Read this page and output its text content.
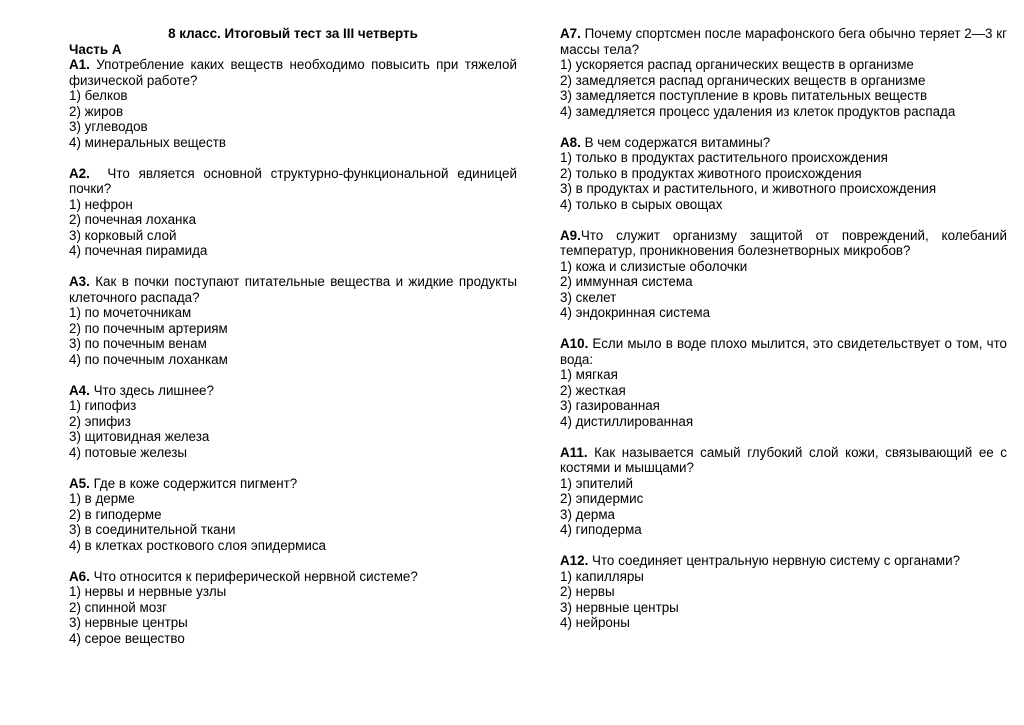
8 класс. Итоговый тест за III четверть
Часть А
А1. Употребление каких веществ необходимо повысить при тяжелой физической работе?
1) белков
2) жиров
3) углеводов
4) минеральных веществ
А2.  Что является основной структурно-функциональной единицей почки?
1) нефрон
2) почечная лоханка
3) корковый слой
4) почечная пирамида
А3. Как в почки поступают питательные вещества и жидкие продукты клеточного распада?
1) по мочеточникам
2) по почечным артериям
3) по почечным венам
4) по почечным лоханкам
А4. Что здесь лишнее?
1) гипофиз
2) эпифиз
3) щитовидная железа
4) потовые железы
А5. Где в коже содержится пигмент?
1) в дерме
2) в гиподерме
3) в соединительной ткани
4) в клетках росткового слоя эпидермиса
А6. Что относится к периферической нервной системе?
1) нервы и нервные узлы
2) спинной мозг
3) нервные центры
4) серое вещество
А7. Почему спортсмен после марафонского бега обычно теряет 2—3 кг массы тела?
1) ускоряется распад органических веществ в организме
2) замедляется распад органических веществ в организме
3) замедляется поступление в кровь питательных веществ
4) замедляется процесс удаления из клеток продуктов распада
А8. В чем содержатся витамины?
1) только в продуктах растительного происхождения
2) только в продуктах животного происхождения
3) в продуктах и растительного, и животного происхождения
4) только в сырых овощах
А9.Что служит организму защитой от повреждений, колебаний температур, проникновения болезнетворных микробов?
1) кожа и слизистые оболочки
2) иммунная система
3) скелет
4) эндокринная система
А10. Если мыло в воде плохо мылится, это свидетельствует о том, что вода:
1) мягкая
2) жесткая
3) газированная
4) дистиллированная
А11. Как называется самый глубокий слой кожи, связывающий ее с костями и мышцами?
1) эпителий
2) эпидермис
3) дерма
4) гиподерма
А12. Что соединяет центральную нервную систему с органами?
1) капилляры
2) нервы
3) нервные центры
4) нейроны
